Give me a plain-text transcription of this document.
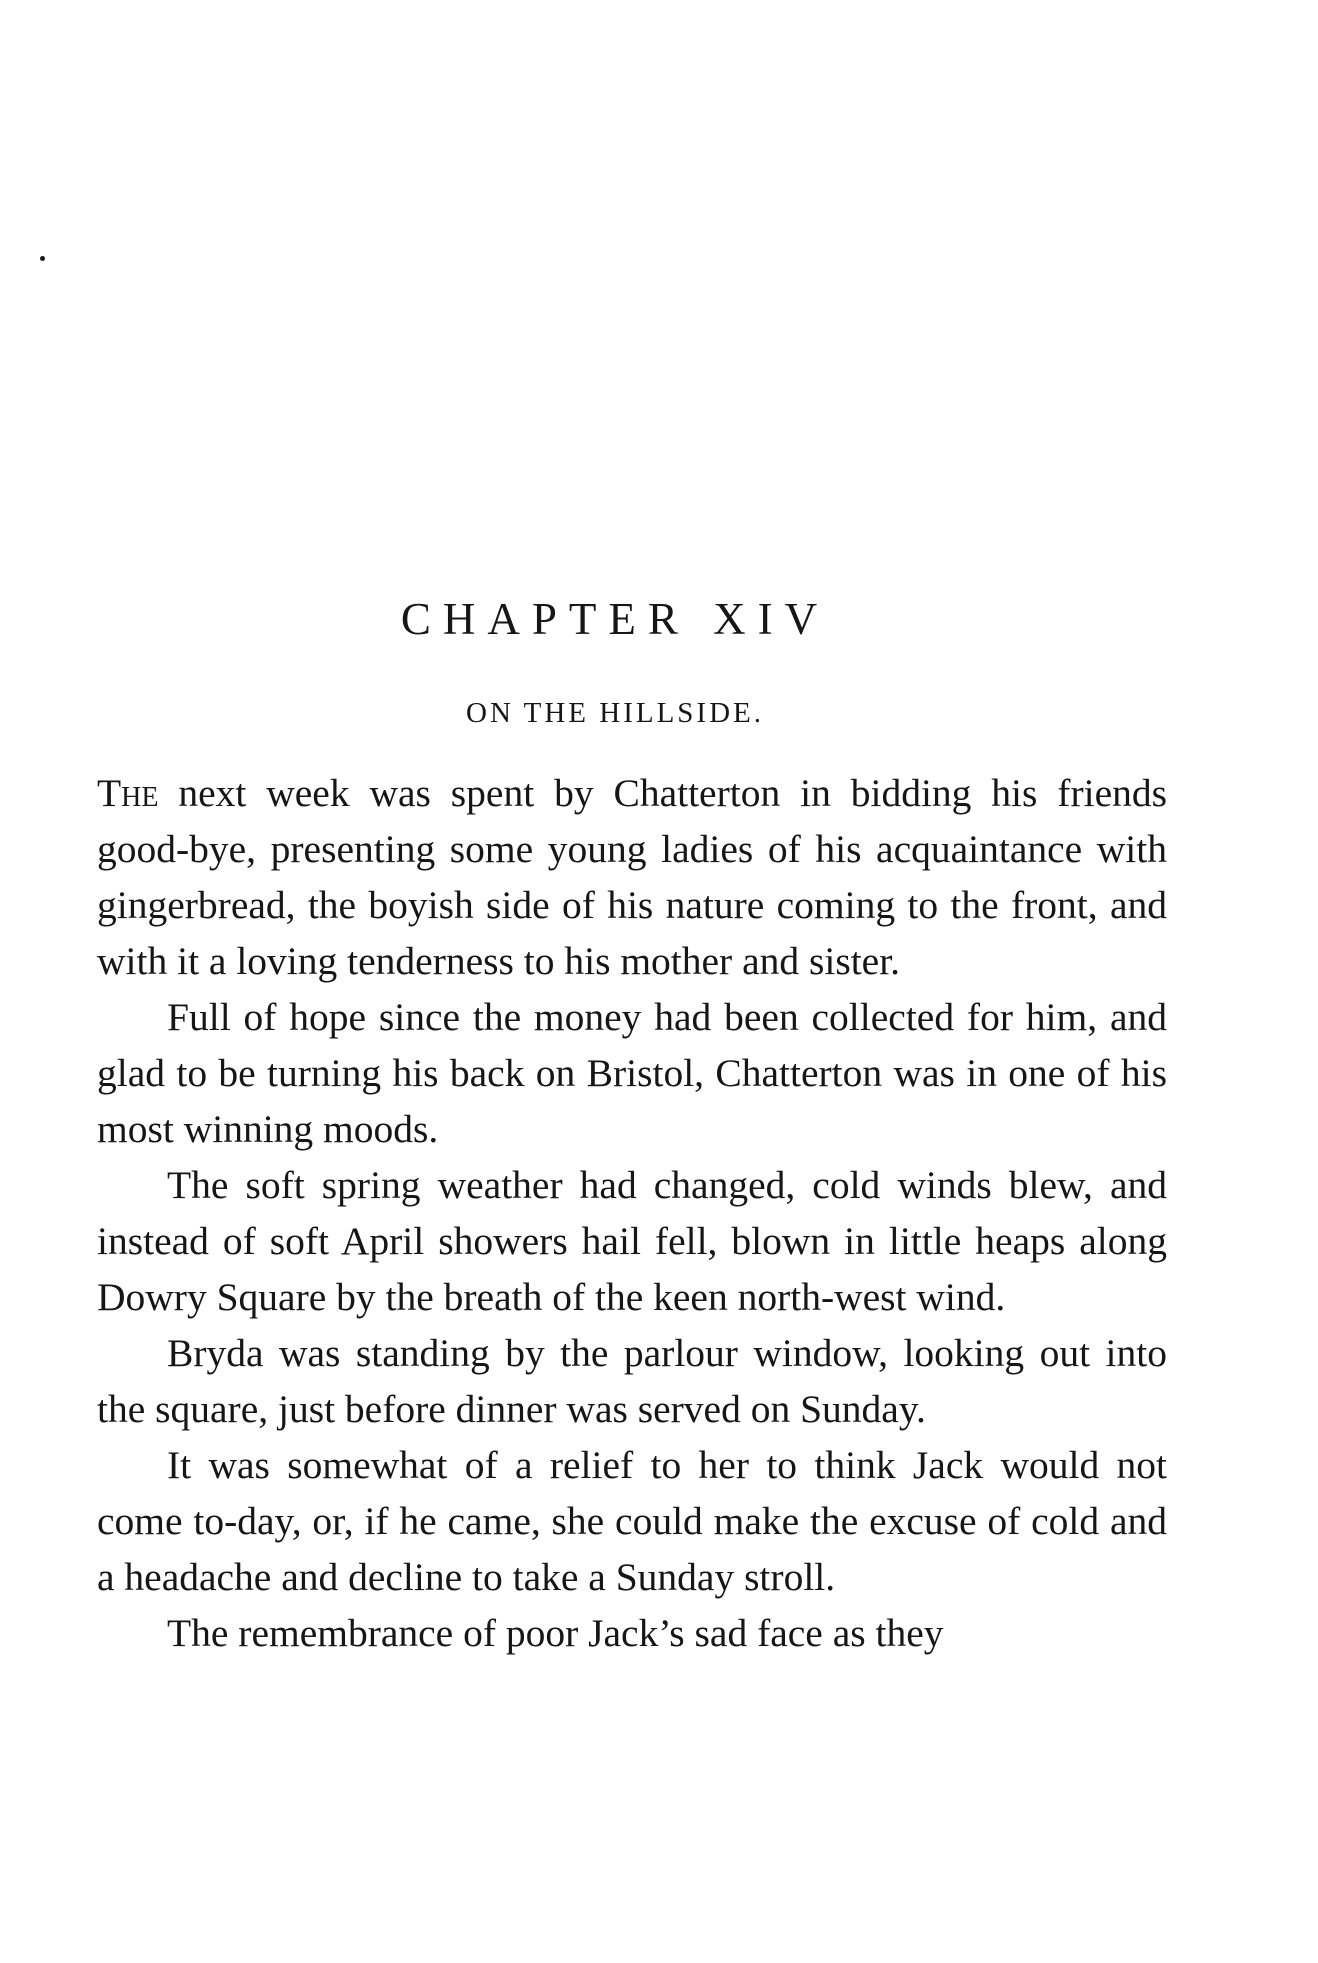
CHAPTER XIV
ON THE HILLSIDE.

The next week was spent by Chatterton in bidding his friends good-bye, presenting some young ladies of his acquaintance with gingerbread, the boyish side of his nature coming to the front, and with it a loving tenderness to his mother and sister.

Full of hope since the money had been collected for him, and glad to be turning his back on Bristol, Chatterton was in one of his most winning moods.

The soft spring weather had changed, cold winds blew, and instead of soft April showers hail fell, blown in little heaps along Dowry Square by the breath of the keen north-west wind.

Bryda was standing by the parlour window, looking out into the square, just before dinner was served on Sunday.

It was somewhat of a relief to her to think Jack would not come to-day, or, if he came, she could make the excuse of cold and a headache and decline to take a Sunday stroll.

The remembrance of poor Jack’s sad face as they
